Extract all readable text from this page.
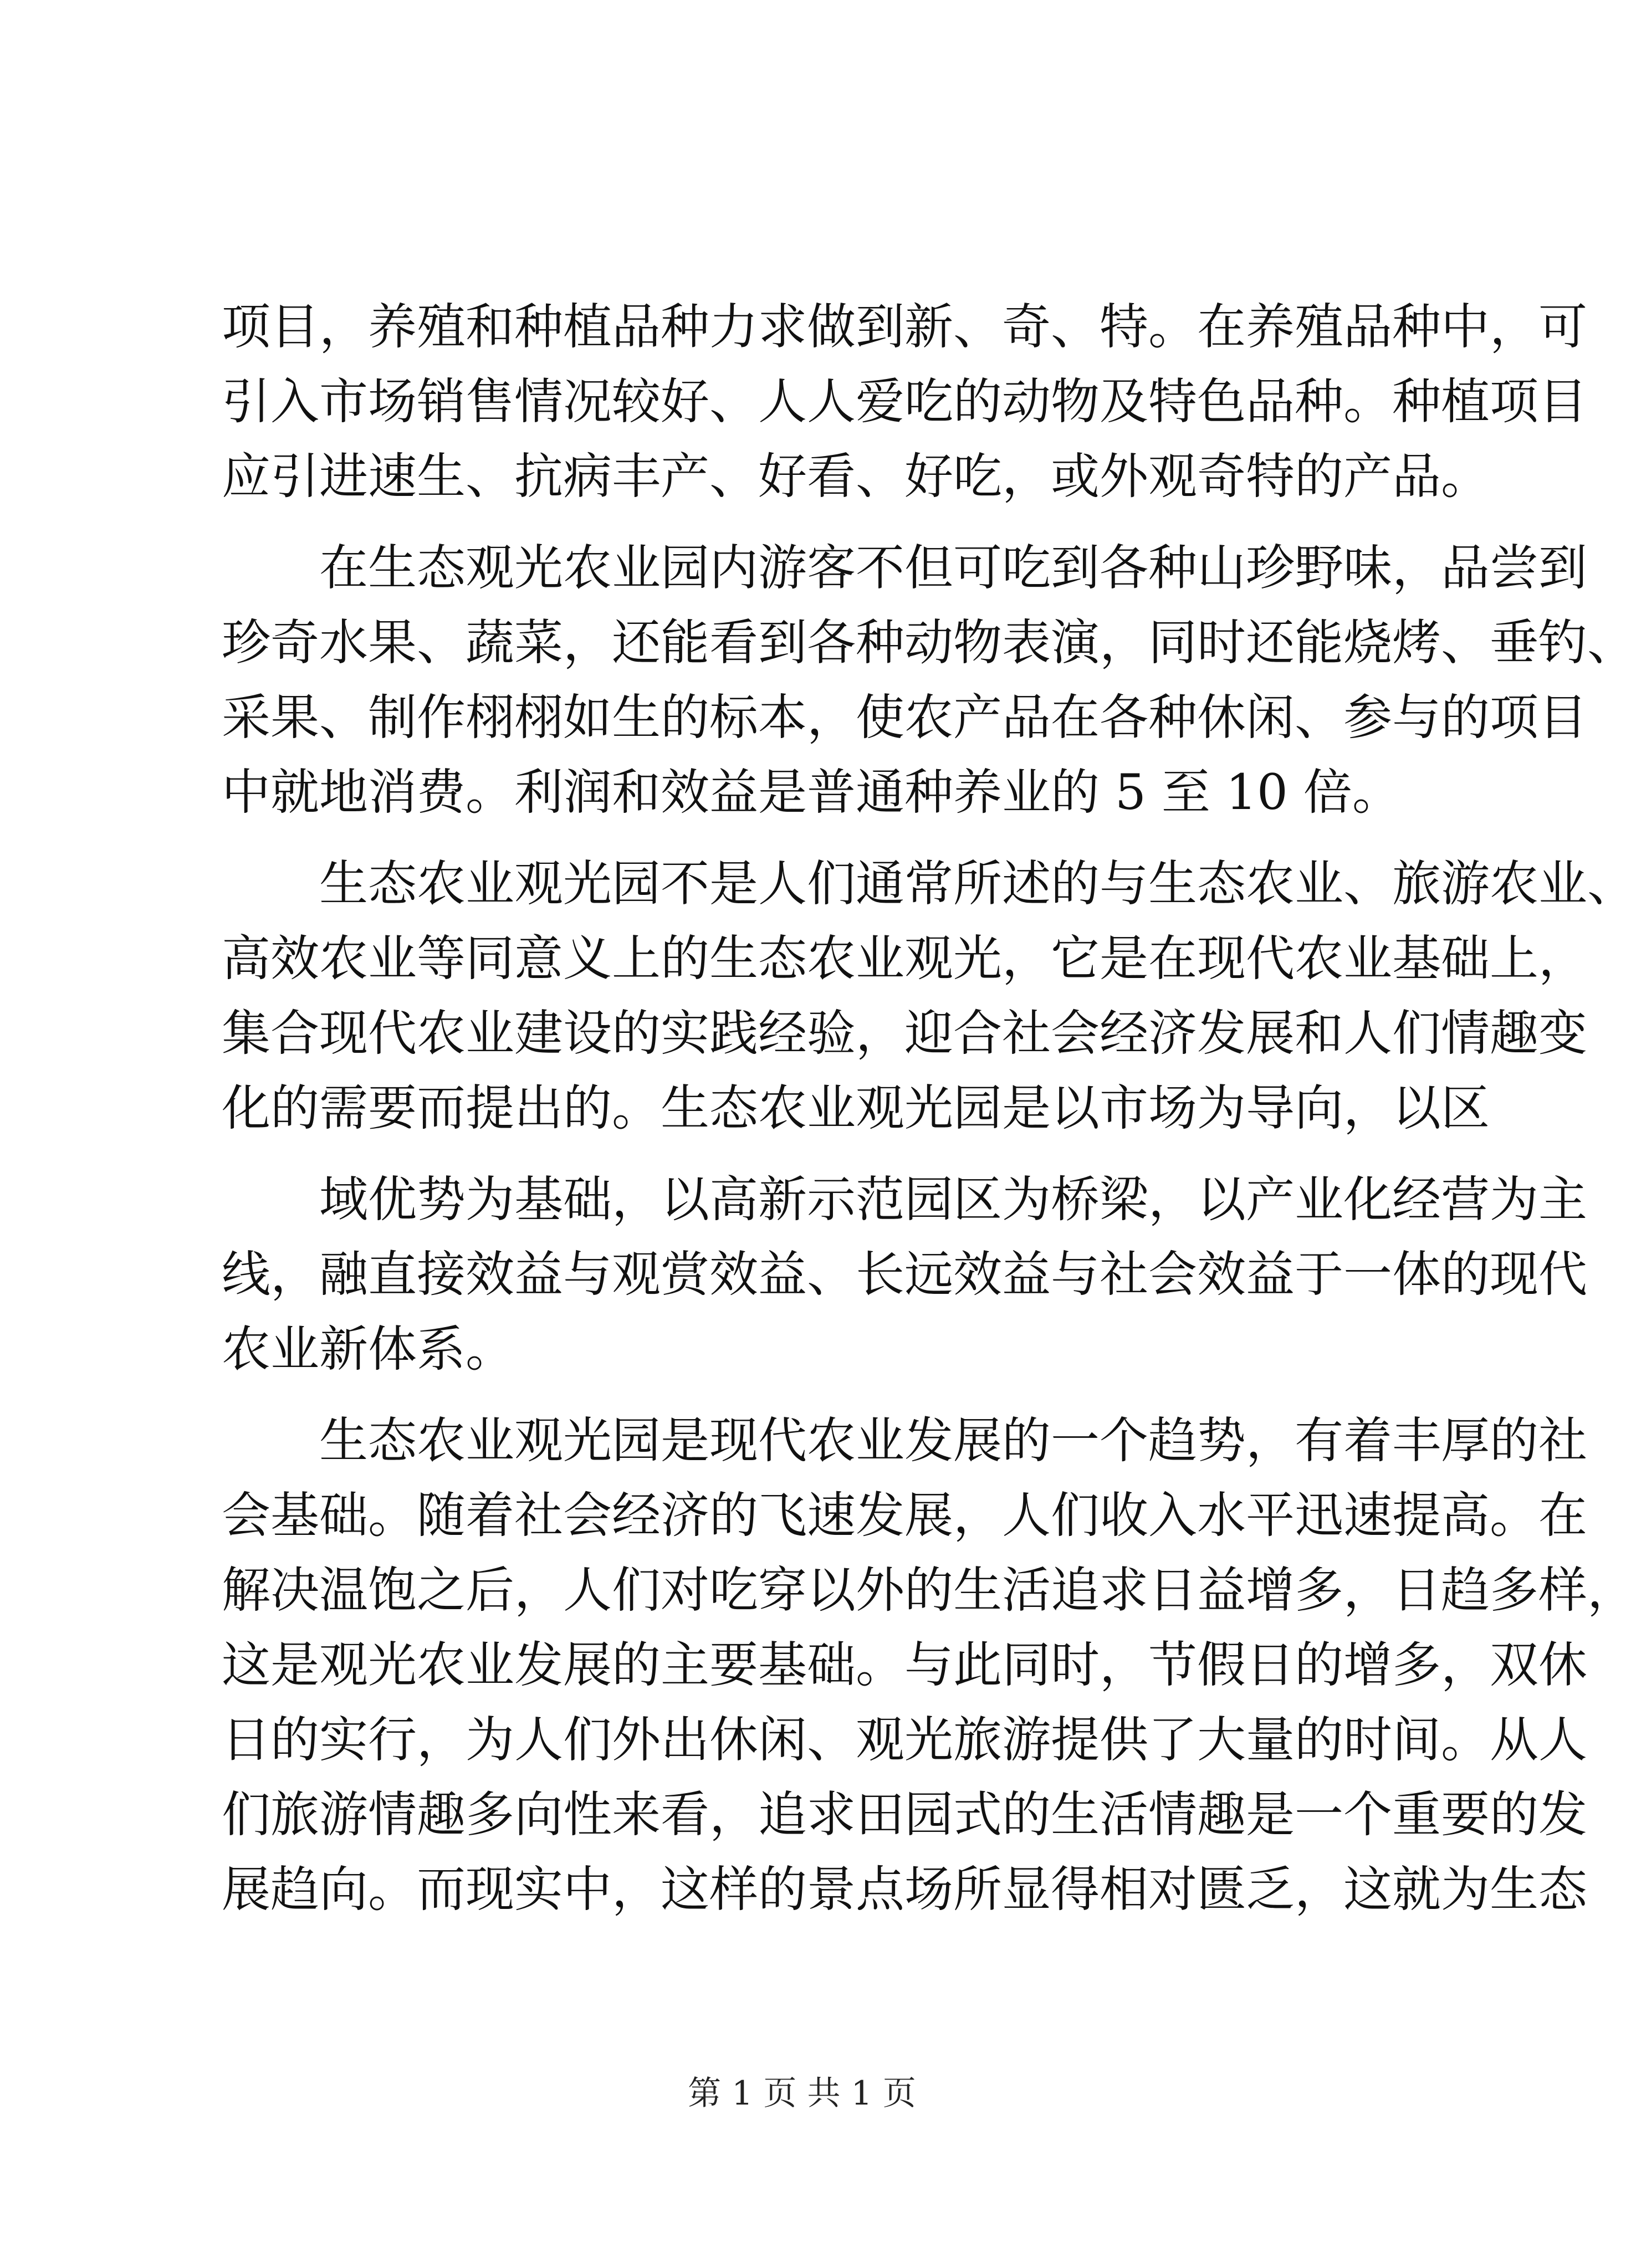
项目，养殖和种植品种力求做到新、奇、特。在养殖品种中，可
引入市场销售情况较好、人人爱吃的动物及特色品种。种植项目
应引进速生、抗病丰产、好看、好吃，或外观奇特的产品。
在生态观光农业园内游客不但可吃到各种山珍野味，品尝到
珍奇水果、蔬菜，还能看到各种动物表演，同时还能烧烤、垂钓、
采果、制作栩栩如生的标本，使农产品在各种休闲、参与的项目
中就地消费。利润和效益是普通种养业的 5 至 10 倍。
生态农业观光园不是人们通常所述的与生态农业、旅游农业、
高效农业等同意义上的生态农业观光，它是在现代农业基础上，
集合现代农业建设的实践经验，迎合社会经济发展和人们情趣变
化的需要而提出的。生态农业观光园是以市场为导向，以区
域优势为基础，以高新示范园区为桥梁，以产业化经营为主
线，融直接效益与观赏效益、长远效益与社会效益于一体的现代
农业新体系。
生态农业观光园是现代农业发展的一个趋势，有着丰厚的社
会基础。随着社会经济的飞速发展，人们收入水平迅速提高。在
解决温饱之后，人们对吃穿以外的生活追求日益增多，日趋多样，
这是观光农业发展的主要基础。与此同时，节假日的增多，双休
日的实行，为人们外出休闲、观光旅游提供了大量的时间。从人
们旅游情趣多向性来看，追求田园式的生活情趣是一个重要的发
展趋向。而现实中，这样的景点场所显得相对匮乏，这就为生态
第 1 页 共 1 页
